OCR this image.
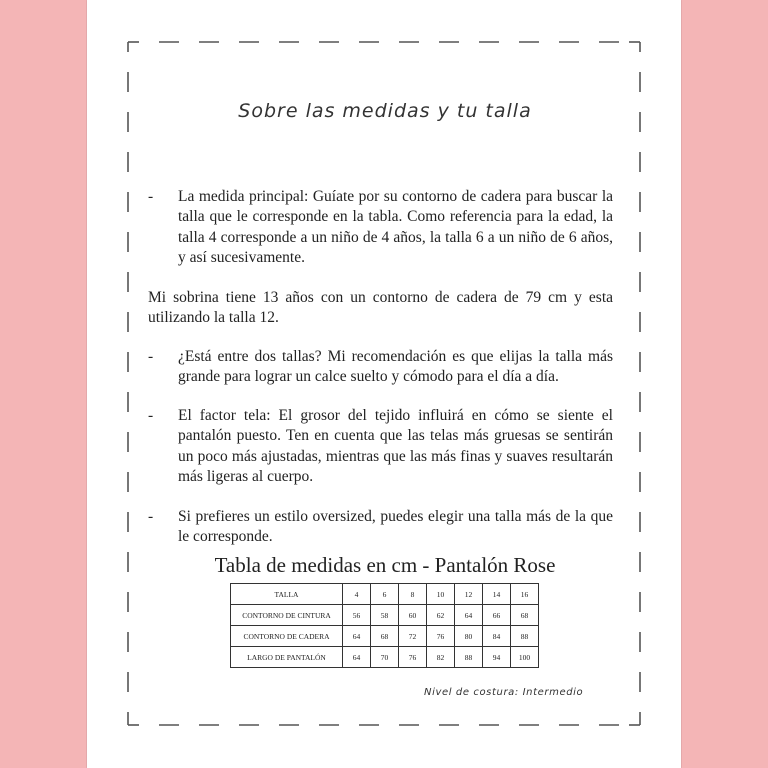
Sobre las medidas y tu talla
- La medida principal: Guíate por su contorno de cadera para buscar la talla que le corresponde en la tabla. Como referencia para la edad, la talla 4 corresponde a un niño de 4 años, la talla 6 a un niño de 6 años, y así sucesivamente.
Mi sobrina tiene 13 años con un contorno de cadera de 79 cm y esta utilizando la talla 12.
- ¿Está entre dos tallas? Mi recomendación es que elijas la talla más grande para lograr un calce suelto y cómodo para el día a día.
- El factor tela: El grosor del tejido influirá en cómo se siente el pantalón puesto. Ten en cuenta que las telas más gruesas se sentirán un poco más ajustadas, mientras que las más finas y suaves resultarán más ligeras al cuerpo.
- Si prefieres un estilo oversized, puedes elegir una talla más de la que le corresponde.
Tabla de medidas en cm - Pantalón Rose
TALLA	4	6	8	10	12	14	16
CONTORNO DE CINTURA	56	58	60	62	64	66	68
CONTORNO DE CADERA	64	68	72	76	80	84	88
LARGO DE PANTALÓN	64	70	76	82	88	94	100
Nivel de costura: Intermedio
